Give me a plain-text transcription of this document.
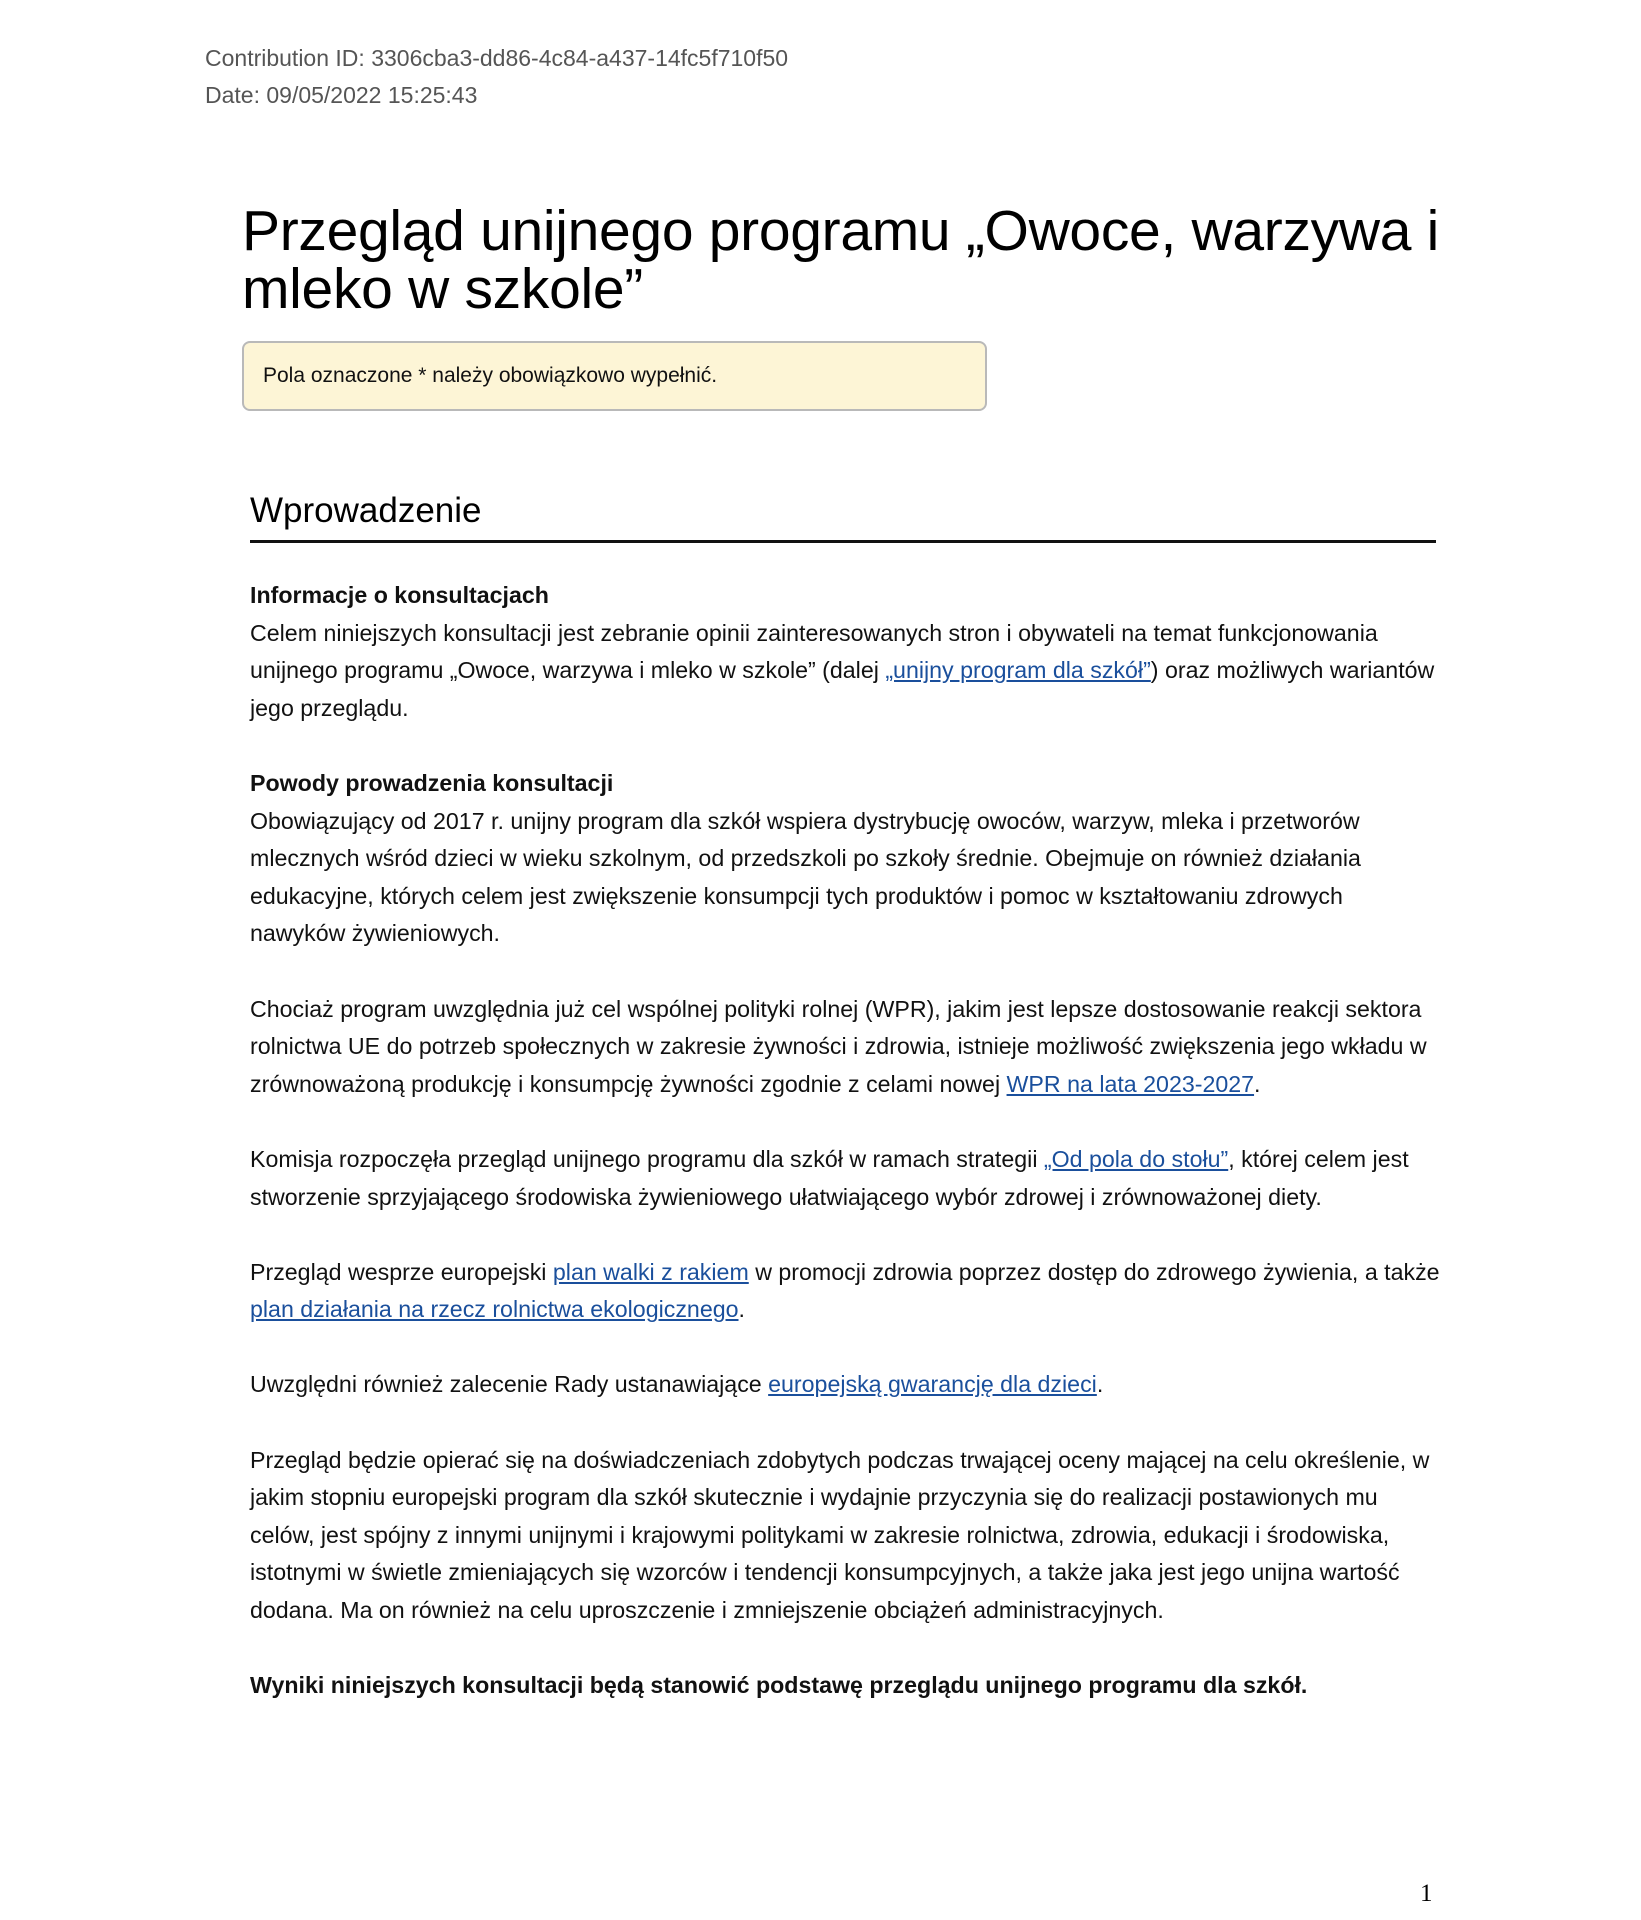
Contribution ID: 3306cba3-dd86-4c84-a437-14fc5f710f50
Date: 09/05/2022 15:25:43
Przegląd unijnego programu „Owoce, warzywa i mleko w szkole”
Pola oznaczone * należy obowiązkowo wypełnić.
Wprowadzenie

Informacje o konsultacjach
Celem niniejszych konsultacji jest zebranie opinii zainteresowanych stron i obywateli na temat funkcjonowania unijnego programu „Owoce, warzywa i mleko w szkole” (dalej „unijny program dla szkół”) oraz możliwych wariantów jego przeglądu.

Powody prowadzenia konsultacji
Obowiązujący od 2017 r. unijny program dla szkół wspiera dystrybucję owoców, warzyw, mleka i przetworów mlecznych wśród dzieci w wieku szkolnym, od przedszkoli po szkoły średnie. Obejmuje on również działania edukacyjne, których celem jest zwiększenie konsumpcji tych produktów i pomoc w kształtowaniu zdrowych nawyków żywieniowych.

Chociaż program uwzględnia już cel wspólnej polityki rolnej (WPR), jakim jest lepsze dostosowanie reakcji sektora rolnictwa UE do potrzeb społecznych w zakresie żywności i zdrowia, istnieje możliwość zwiększenia jego wkładu w zrównoważoną produkcję i konsumpcję żywności zgodnie z celami nowej WPR na lata 2023-2027.

Komisja rozpoczęła przegląd unijnego programu dla szkół w ramach strategii „Od pola do stołu”, której celem jest stworzenie sprzyjającego środowiska żywieniowego ułatwiającego wybór zdrowej i zrównoważonej diety.

Przegląd wesprze europejski plan walki z rakiem w promocji zdrowia poprzez dostęp do zdrowego żywienia, a także plan działania na rzecz rolnictwa ekologicznego.

Uwzględni również zalecenie Rady ustanawiające europejską gwarancję dla dzieci.

Przegląd będzie opierać się na doświadczeniach zdobytych podczas trwającej oceny mającej na celu określenie, w jakim stopniu europejski program dla szkół skutecznie i wydajnie przyczynia się do realizacji postawionych mu celów, jest spójny z innymi unijnymi i krajowymi politykami w zakresie rolnictwa, zdrowia, edukacji i środowiska, istotnymi w świetle zmieniających się wzorców i tendencji konsumpcyjnych, a także jaka jest jego unijna wartość dodana. Ma on również na celu uproszczenie i zmniejszenie obciążeń administracyjnych.

Wyniki niniejszych konsultacji będą stanowić podstawę przeglądu unijnego programu dla szkół.

1
